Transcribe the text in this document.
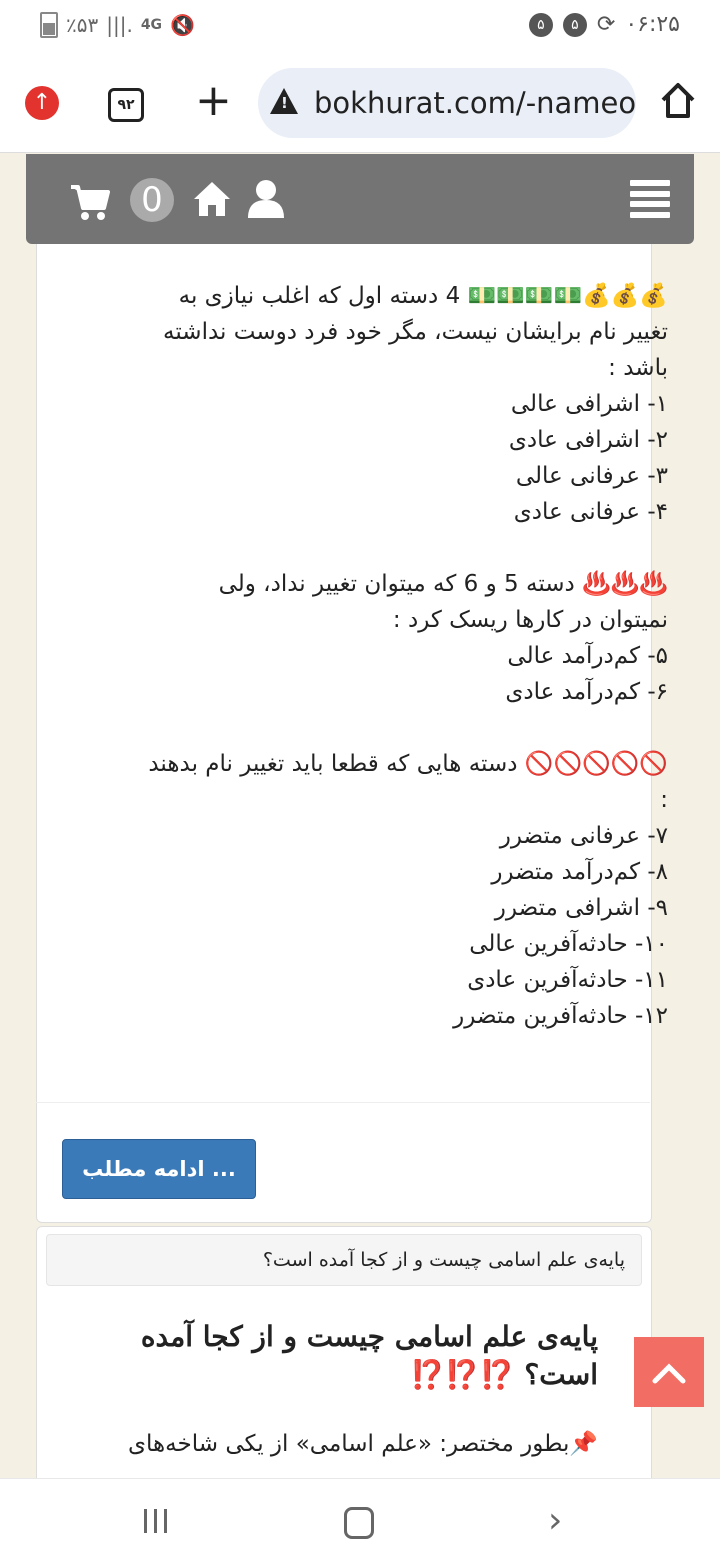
٪۵۳ |||. 4G 🔇	۵	۵ ⟳ ۰۶:۲۵
↑	۹۲ +	! bokhurat.com/-nameo
0

💰💰💰💵💵💵💵 4 دسته اول که اغلب نیازی به تغییر نام برایشان نیست، مگر خود فرد دوست نداشته باشد :

۱- اشرافی عالی

۲- اشرافی عادی

۳- عرفانی عالی

۴- عرفانی عادی

♨️♨️♨️ دسته 5 و 6 که میتوان تغییر نداد، ولی نمیتوان در کارها ریسک کرد :

۵- کم‌درآمد عالی

۶- کم‌درآمد عادی

🚫🚫🚫🚫🚫 دسته هایی که قطعا باید تغییر نام بدهند :

۷- عرفانی متضرر

۸- کم‌درآمد متضرر

۹- اشرافی متضرر

۱۰- حادثه‌آفرین عالی

۱۱- حادثه‌آفرین عادی

۱۲- حادثه‌آفرین متضرر

ادامه مطلب ...
پایه‌ی علم اسامی چیست و از کجا آمده است؟
پایه‌ی علم اسامی چیست و از کجا آمده است؟ ⁉️⁉️⁉️
📌بطور مختصر: «علم اسامی» از یکی شاخه‌های
›
